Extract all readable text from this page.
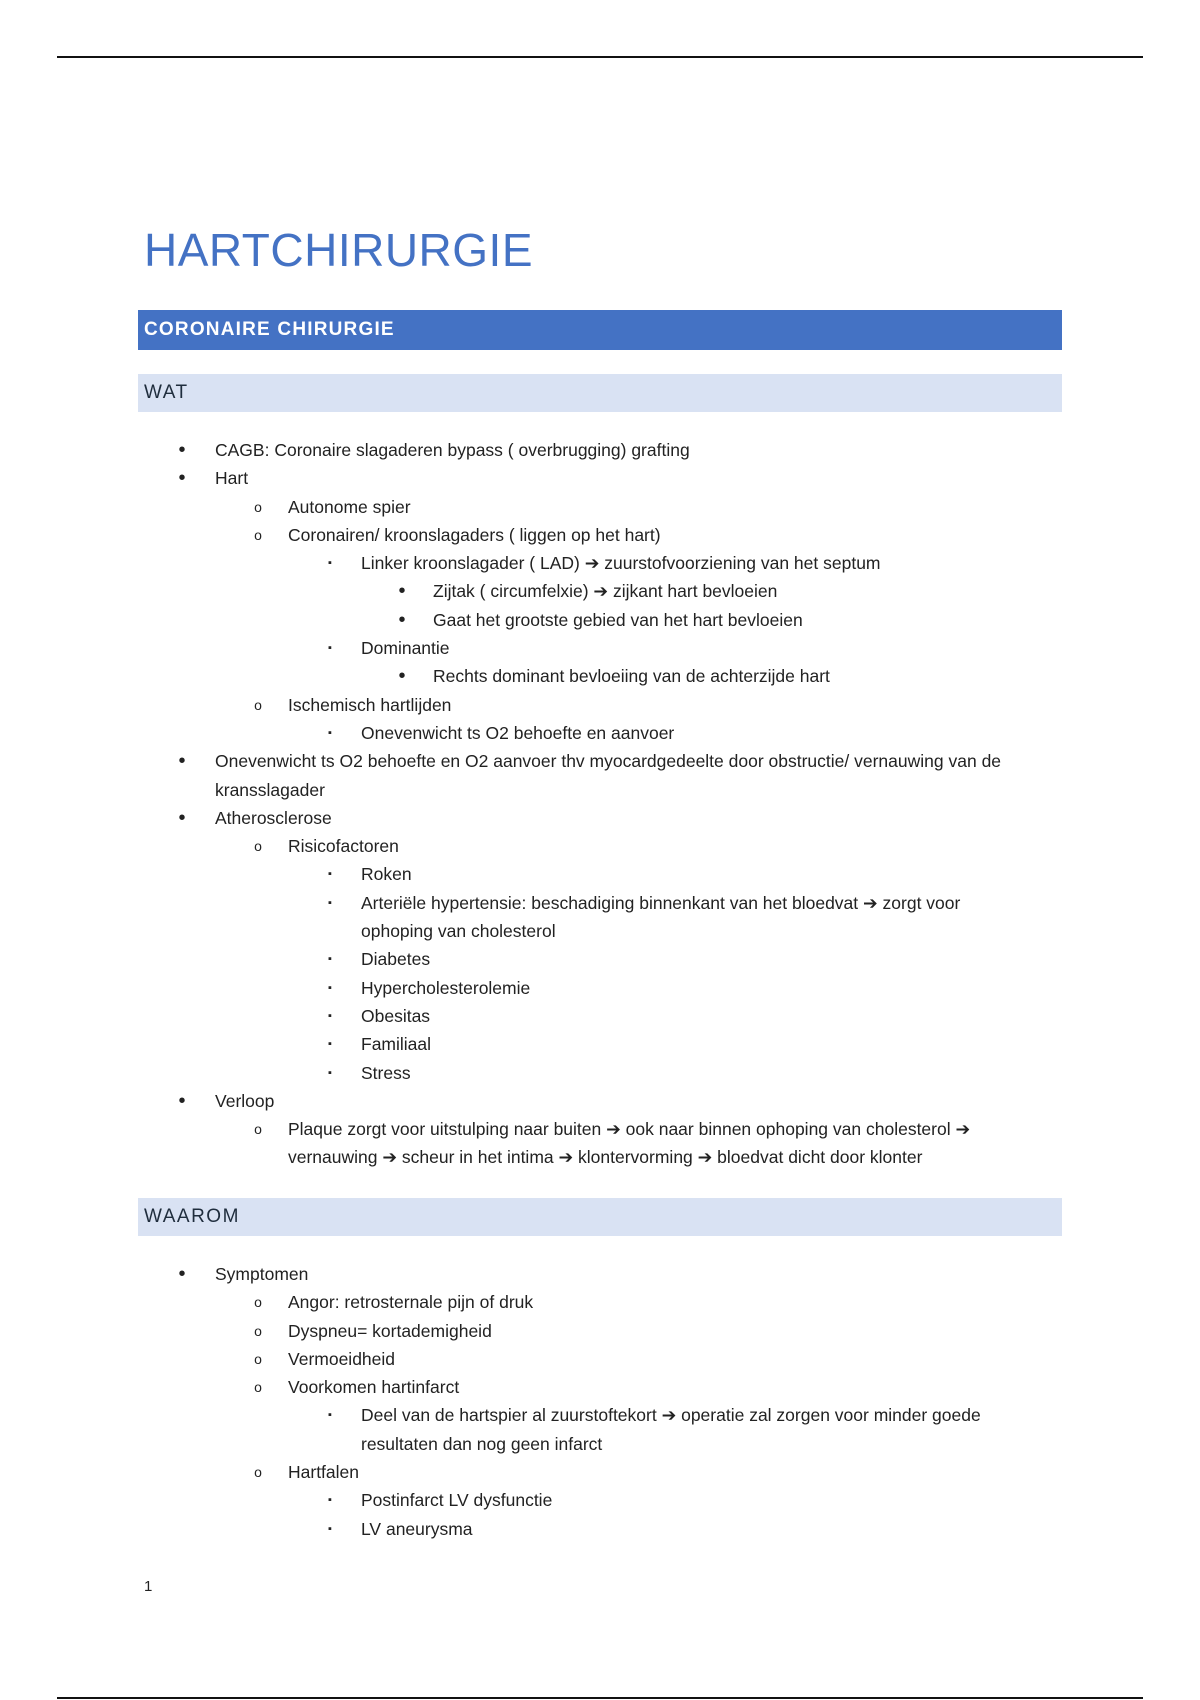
HARTCHIRURGIE
CORONAIRE CHIRURGIE
WAT
•	CAGB: Coronaire slagaderen bypass ( overbrugging) grafting
•	Hart
o	Autonome spier
o	Coronairen/ kroonslagaders ( liggen op het hart)
▪	Linker kroonslagader ( LAD) ➔ zuurstofvoorziening van het septum
•	Zijtak ( circumfelxie) ➔ zijkant hart bevloeien
•	Gaat het grootste gebied van het hart bevloeien
▪	Dominantie
•	Rechts dominant bevloeiing van de achterzijde hart
o	Ischemisch hartlijden
▪	Onevenwicht ts O2 behoefte en aanvoer
•	Onevenwicht ts O2 behoefte en O2 aanvoer thv myocardgedeelte door obstructie/ vernauwing van de kransslagader
•	Atherosclerose
o	Risicofactoren
▪	Roken
▪	Arteriële hypertensie: beschadiging binnenkant van het bloedvat ➔ zorgt voor ophoping van cholesterol
▪	Diabetes
▪	Hypercholesterolemie
▪	Obesitas
▪	Familiaal
▪	Stress
•	Verloop
o	Plaque zorgt voor uitstulping naar buiten ➔ ook naar binnen ophoping van cholesterol ➔ vernauwing ➔ scheur in het intima ➔ klontervorming ➔ bloedvat dicht door klonter
WAAROM
•	Symptomen
o	Angor: retrosternale pijn of druk
o	Dyspneu= kortademigheid
o	Vermoeidheid
o	Voorkomen hartinfarct
▪	Deel van de hartspier al zuurstoftekort ➔ operatie zal zorgen voor minder goede resultaten dan nog geen infarct
o	Hartfalen
▪	Postinfarct LV dysfunctie
▪	LV aneurysma
1
